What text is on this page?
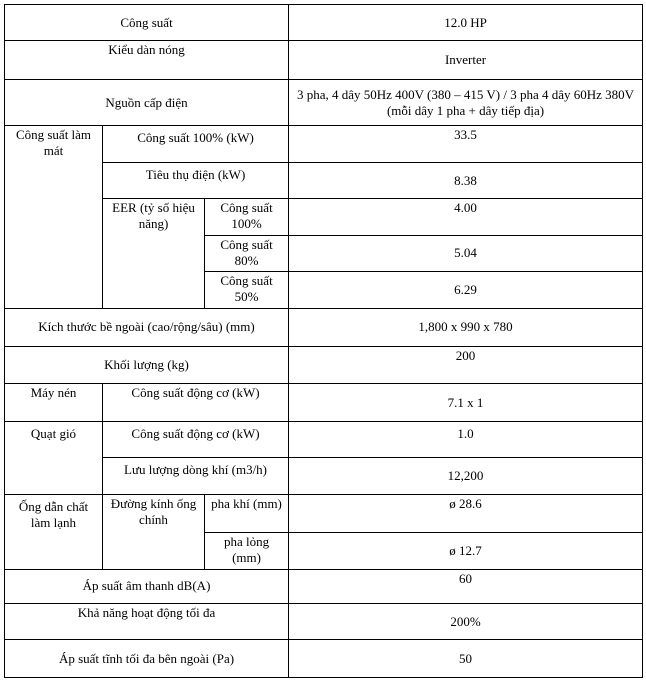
Công suất			12.0 HP
Kiểu dàn nóng			Inverter
Nguồn cấp điện			3 pha, 4 dây 50Hz 400V (380 – 415 V) / 3 pha 4 dây 60Hz 380V (mỗi dây 1 pha + dây tiếp địa)
Công suất làm mát	Công suất 100% (kW)		33.5
	Tiêu thụ điện (kW)		8.38
	EER (tỷ số hiệu năng)	Công suất 100%	4.00
		Công suất 80%	5.04
		Công suất 50%	6.29
Kích thước bề ngoài (cao/rộng/sâu) (mm)			1,800 x 990 x 780
Khối lượng (kg)			200
Máy nén	Công suất động cơ (kW)		7.1 x 1
Quạt gió	Công suất động cơ (kW)		1.0
	Lưu lượng dòng khí (m3/h)		12,200
Ống dẫn chất làm lạnh	Đường kính ống chính	pha khí (mm)	ø 28.6
		pha lỏng (mm)	ø 12.7
Áp suất âm thanh dB(A)			60
Khả năng hoạt động tối đa			200%
Áp suất tĩnh tối đa bên ngoài (Pa)			50
